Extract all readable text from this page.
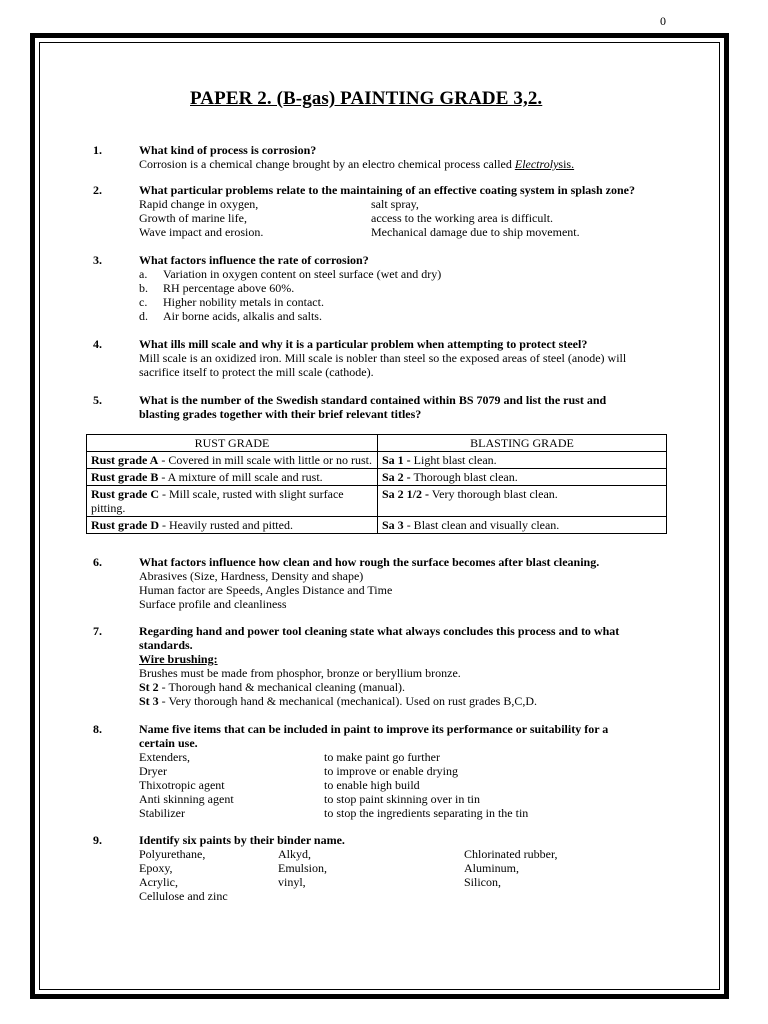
0
PAPER 2. (B-gas) PAINTING GRADE 3,2.
1.	What kind of process is corrosion?
Corrosion is a chemical change brought by an electro chemical process called Electrolysis.
2.	What particular problems relate to the maintaining of an effective coating system in splash zone?
Rapid change in oxygen,	salt spray,
Growth of marine life,	access to the working area is difficult.
Wave impact and erosion.	Mechanical damage due to ship movement.
3.	What factors influence the rate of corrosion?
a. Variation in oxygen content on steel surface (wet and dry)
b. RH percentage above 60%.
c. Higher nobility metals in contact.
d. Air borne acids, alkalis and salts.
4.	What ills mill scale and why it is a particular problem when attempting to protect steel?
Mill scale is an oxidized iron. Mill scale is nobler than steel so the exposed areas of steel (anode) will
sacrifice itself to protect the mill scale (cathode).
5.	What is the number of the Swedish standard contained within BS 7079 and list the rust and
blasting grades together with their brief relevant titles?
RUST GRADE	BLASTING GRADE
Rust grade A - Covered in mill scale with little or no rust.	Sa 1 - Light blast clean.
Rust grade B - A mixture of mill scale and rust.	Sa 2 - Thorough blast clean.
Rust grade C - Mill scale, rusted with slight surface pitting.	Sa 2 1/2 - Very thorough blast clean.
Rust grade D - Heavily rusted and pitted.	Sa 3 - Blast clean and visually clean.
6.	What factors influence how clean and how rough the surface becomes after blast cleaning.
Abrasives (Size, Hardness, Density and shape)
Human factor are Speeds, Angles Distance and Time
Surface profile and cleanliness
7.	Regarding hand and power tool cleaning state what always concludes this process and to what
standards.
Wire brushing:
Brushes must be made from phosphor, bronze or beryllium bronze.
St 2 - Thorough hand & mechanical cleaning (manual).
St 3 - Very thorough hand & mechanical (mechanical). Used on rust grades B,C,D.
8.	Name five items that can be included in paint to improve its performance or suitability for a
certain use.
Extenders,	to make paint go further
Dryer	to improve or enable drying
Thixotropic agent	to enable high build
Anti skinning agent	to stop paint skinning over in tin
Stabilizer	to stop the ingredients separating in the tin
9.	Identify six paints by their binder name.
Polyurethane,	Alkyd,	Chlorinated rubber,
Epoxy,	Emulsion,	Aluminum,
Acrylic,	vinyl,	Silicon,
Cellulose and zinc
